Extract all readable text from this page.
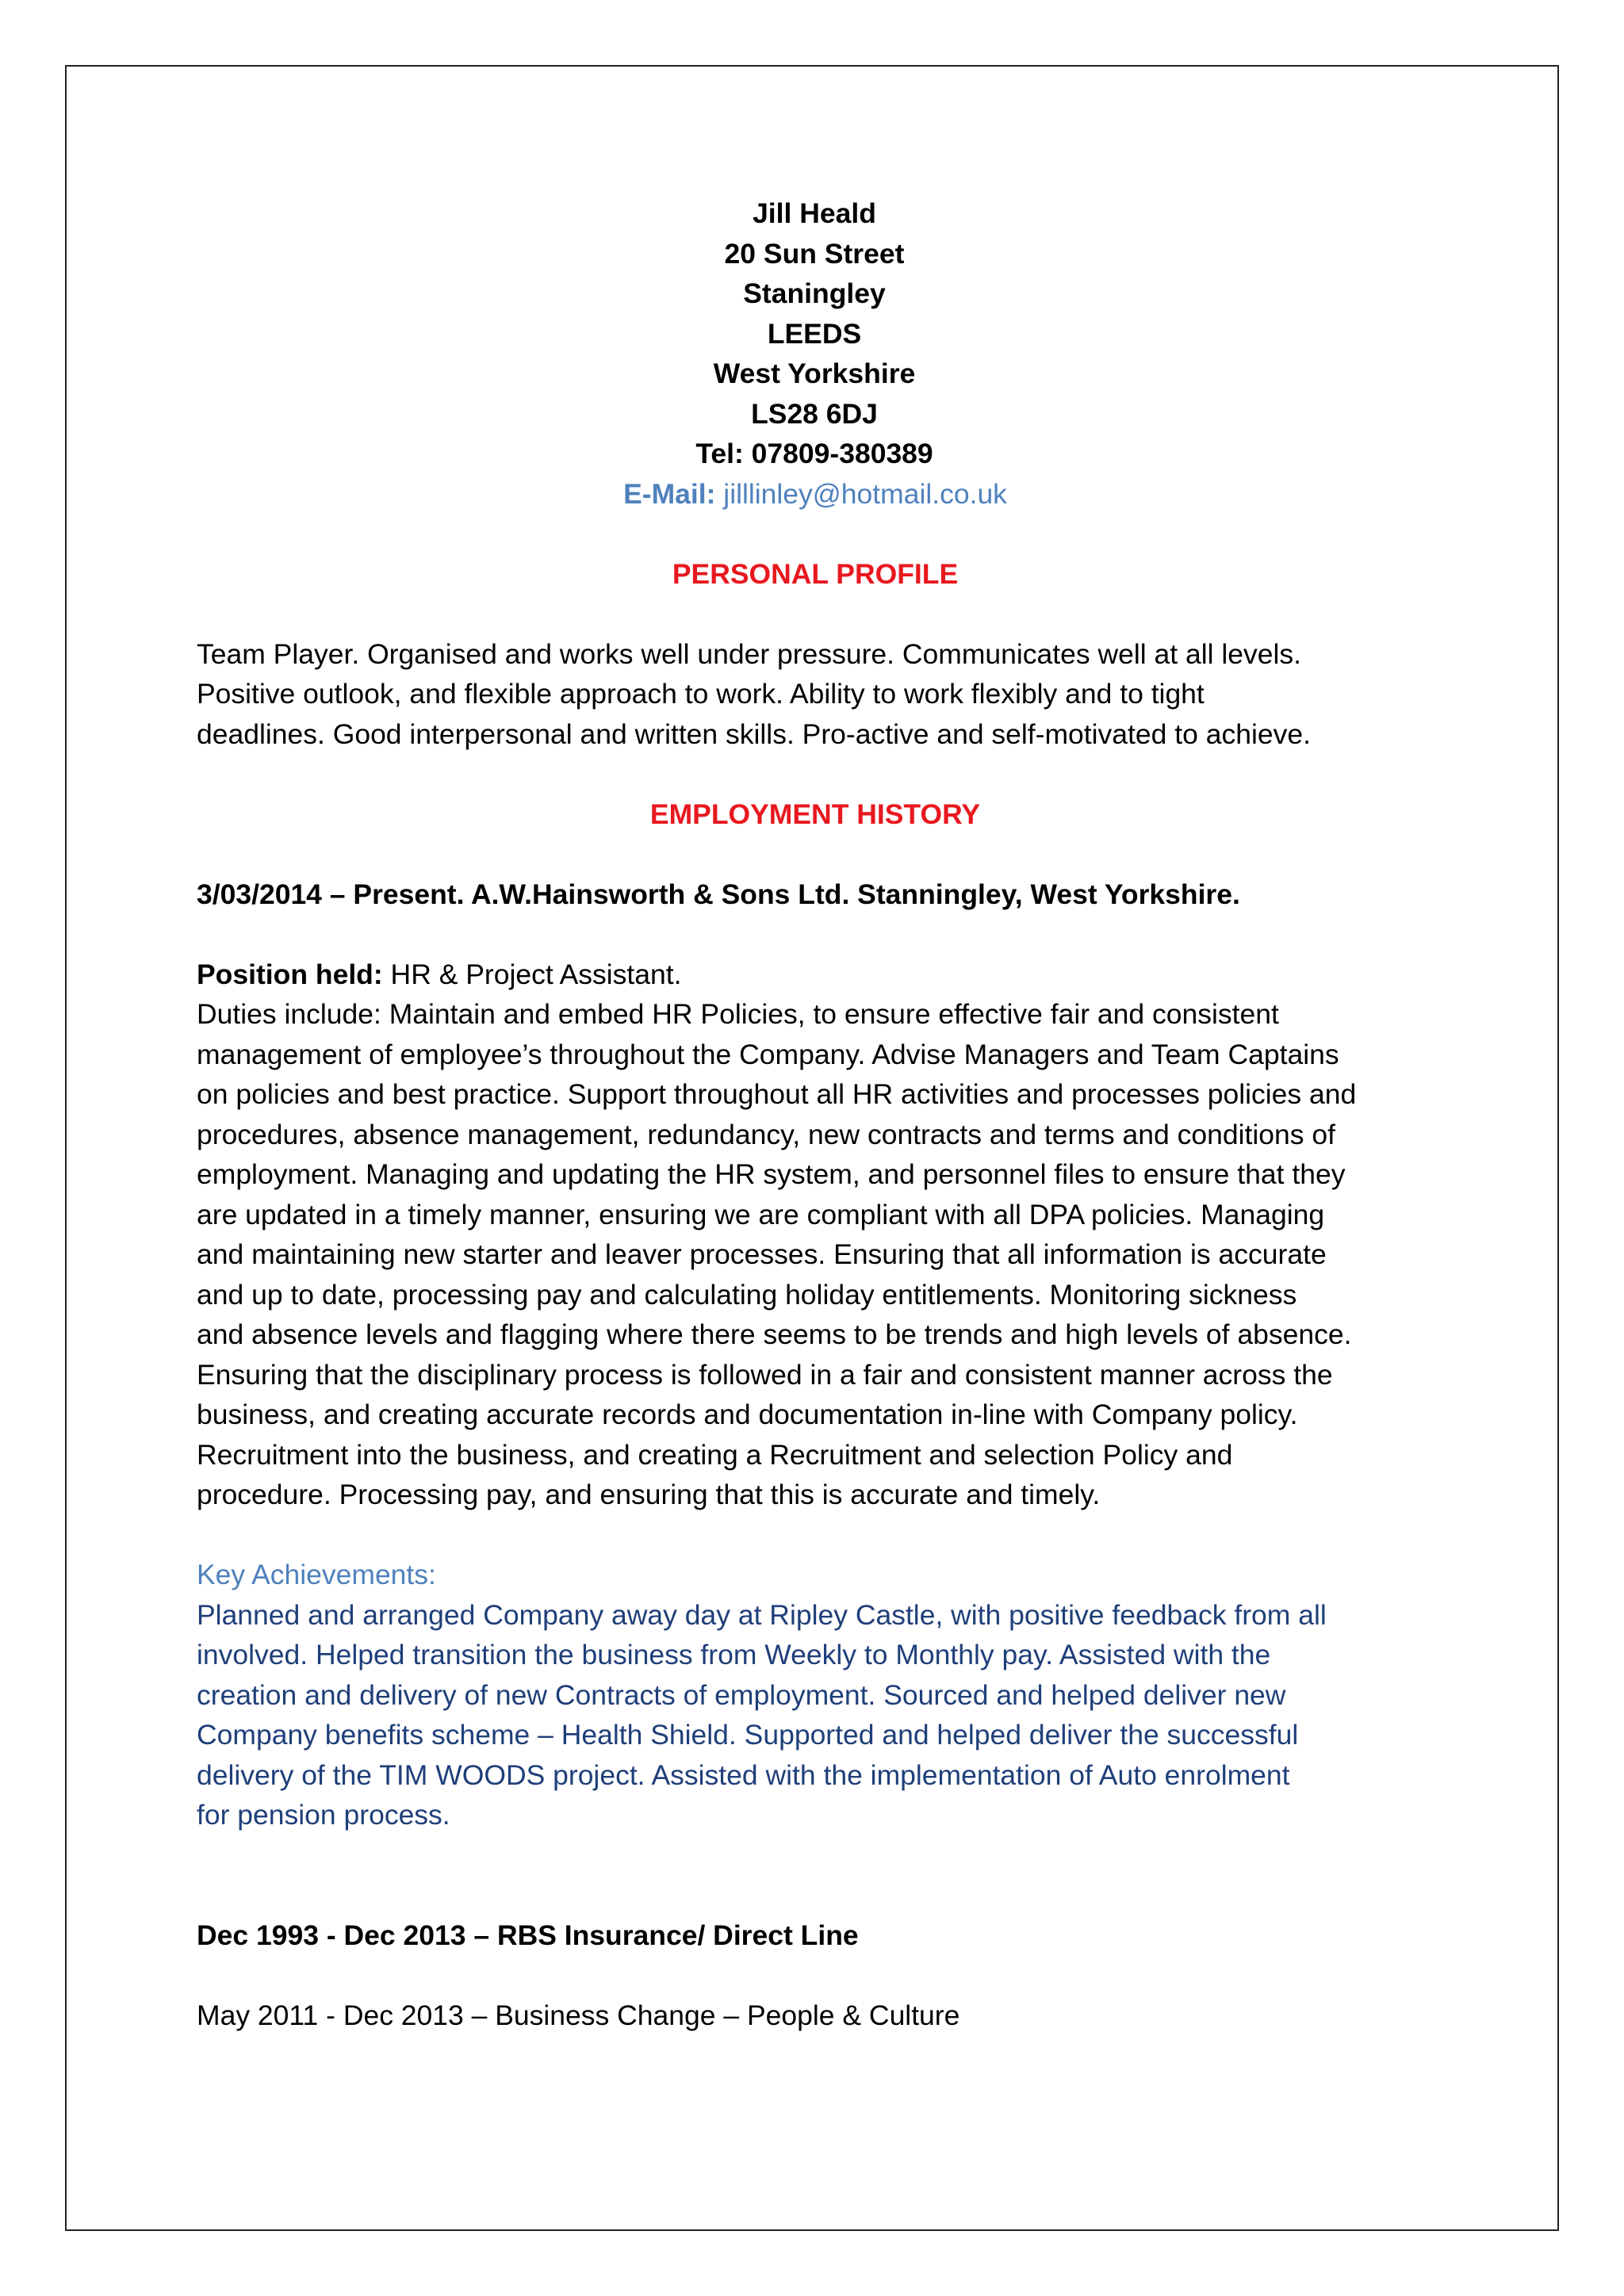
Jill Heald
20 Sun Street
Staningley
LEEDS
West Yorkshire
LS28 6DJ
Tel: 07809-380389
E-Mail: jilllinley@hotmail.co.uk
PERSONAL PROFILE
Team Player. Organised and works well under pressure. Communicates well at all levels.
Positive outlook, and flexible approach to work. Ability to work flexibly and to tight
deadlines. Good interpersonal and written skills. Pro-active and self-motivated to achieve.
EMPLOYMENT HISTORY
3/03/2014 – Present. A.W.Hainsworth & Sons Ltd. Stanningley, West Yorkshire.
Position held: HR & Project Assistant.
Duties include: Maintain and embed HR Policies, to ensure effective fair and consistent
management of employee’s throughout the Company. Advise Managers and Team Captains
on policies and best practice. Support throughout all HR activities and processes policies and
procedures, absence management, redundancy, new contracts and terms and conditions of
employment. Managing and updating the HR system, and personnel files to ensure that they
are updated in a timely manner, ensuring we are compliant with all DPA policies. Managing
and maintaining new starter and leaver processes. Ensuring that all information is accurate
and up to date, processing pay and calculating holiday entitlements. Monitoring sickness
and absence levels and flagging where there seems to be trends and high levels of absence.
Ensuring that the disciplinary process is followed in a fair and consistent manner across the
business, and creating accurate records and documentation in-line with Company policy.
Recruitment into the business, and creating a Recruitment and selection Policy and
procedure. Processing pay, and ensuring that this is accurate and timely.
Key Achievements:
Planned and arranged Company away day at Ripley Castle, with positive feedback from all
involved. Helped transition the business from Weekly to Monthly pay. Assisted with the
creation and delivery of new Contracts of employment. Sourced and helped deliver new
Company benefits scheme – Health Shield. Supported and helped deliver the successful
delivery of the TIM WOODS project. Assisted with the implementation of Auto enrolment
for pension process.
Dec 1993 - Dec 2013 – RBS Insurance/ Direct Line
May 2011 - Dec 2013 – Business Change – People & Culture
